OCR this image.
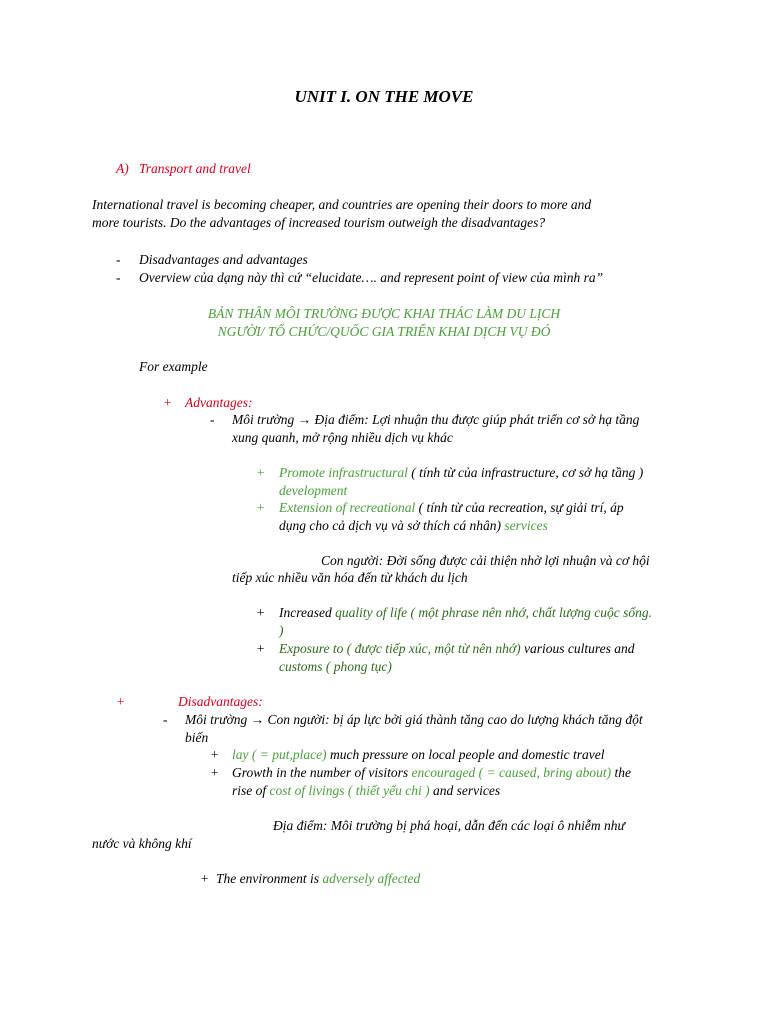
UNIT I. ON THE MOVE
A) Transport and travel
International travel is becoming cheaper, and countries are opening their doors to more and
more tourists. Do the advantages of increased tourism outweigh the disadvantages?
- Disadvantages and advantages
- Overview của dạng này thì cứ “elucidate…. and represent point of view của mình ra”
BẢN THÂN MÔI TRƯỜNG ĐƯỢC KHAI THÁC LÀM DU LỊCH
NGƯỜI/ TỔ CHỨC/QUỐC GIA TRIỂN KHAI DỊCH VỤ ĐÓ
For example
+ Advantages:
- Môi trường → Địa điểm: Lợi nhuận thu được giúp phát triển cơ sở hạ tầng
xung quanh, mở rộng nhiều dịch vụ khác
+ Promote infrastructural ( tính từ của infrastructure, cơ sở hạ tầng )
development
+ Extension of recreational ( tính từ của recreation, sự giải trí, áp
dụng cho cả dịch vụ và sở thích cá nhân) services
Con người: Đời sống được cải thiện nhờ lợi nhuận và cơ hội
tiếp xúc nhiều văn hóa đến từ khách du lịch
+ Increased quality of life ( một phrase nên nhớ, chất lượng cuộc sống.
)
+ Exposure to ( được tiếp xúc, một từ nên nhớ) various cultures and
customs ( phong tục)
+	Disadvantages:
- Môi trường → Con người: bị áp lực bởi giá thành tăng cao do lượng khách tăng đột
biến
+ lay ( = put,place) much pressure on local people and domestic travel
+ Growth in the number of visitors encouraged ( = caused, bring about) the
rise of cost of livings ( thiết yếu chi ) and services
Địa điểm: Môi trường bị phá hoại, dẫn đến các loại ô nhiễm như
nước và không khí
+ The environment is adversely affected
